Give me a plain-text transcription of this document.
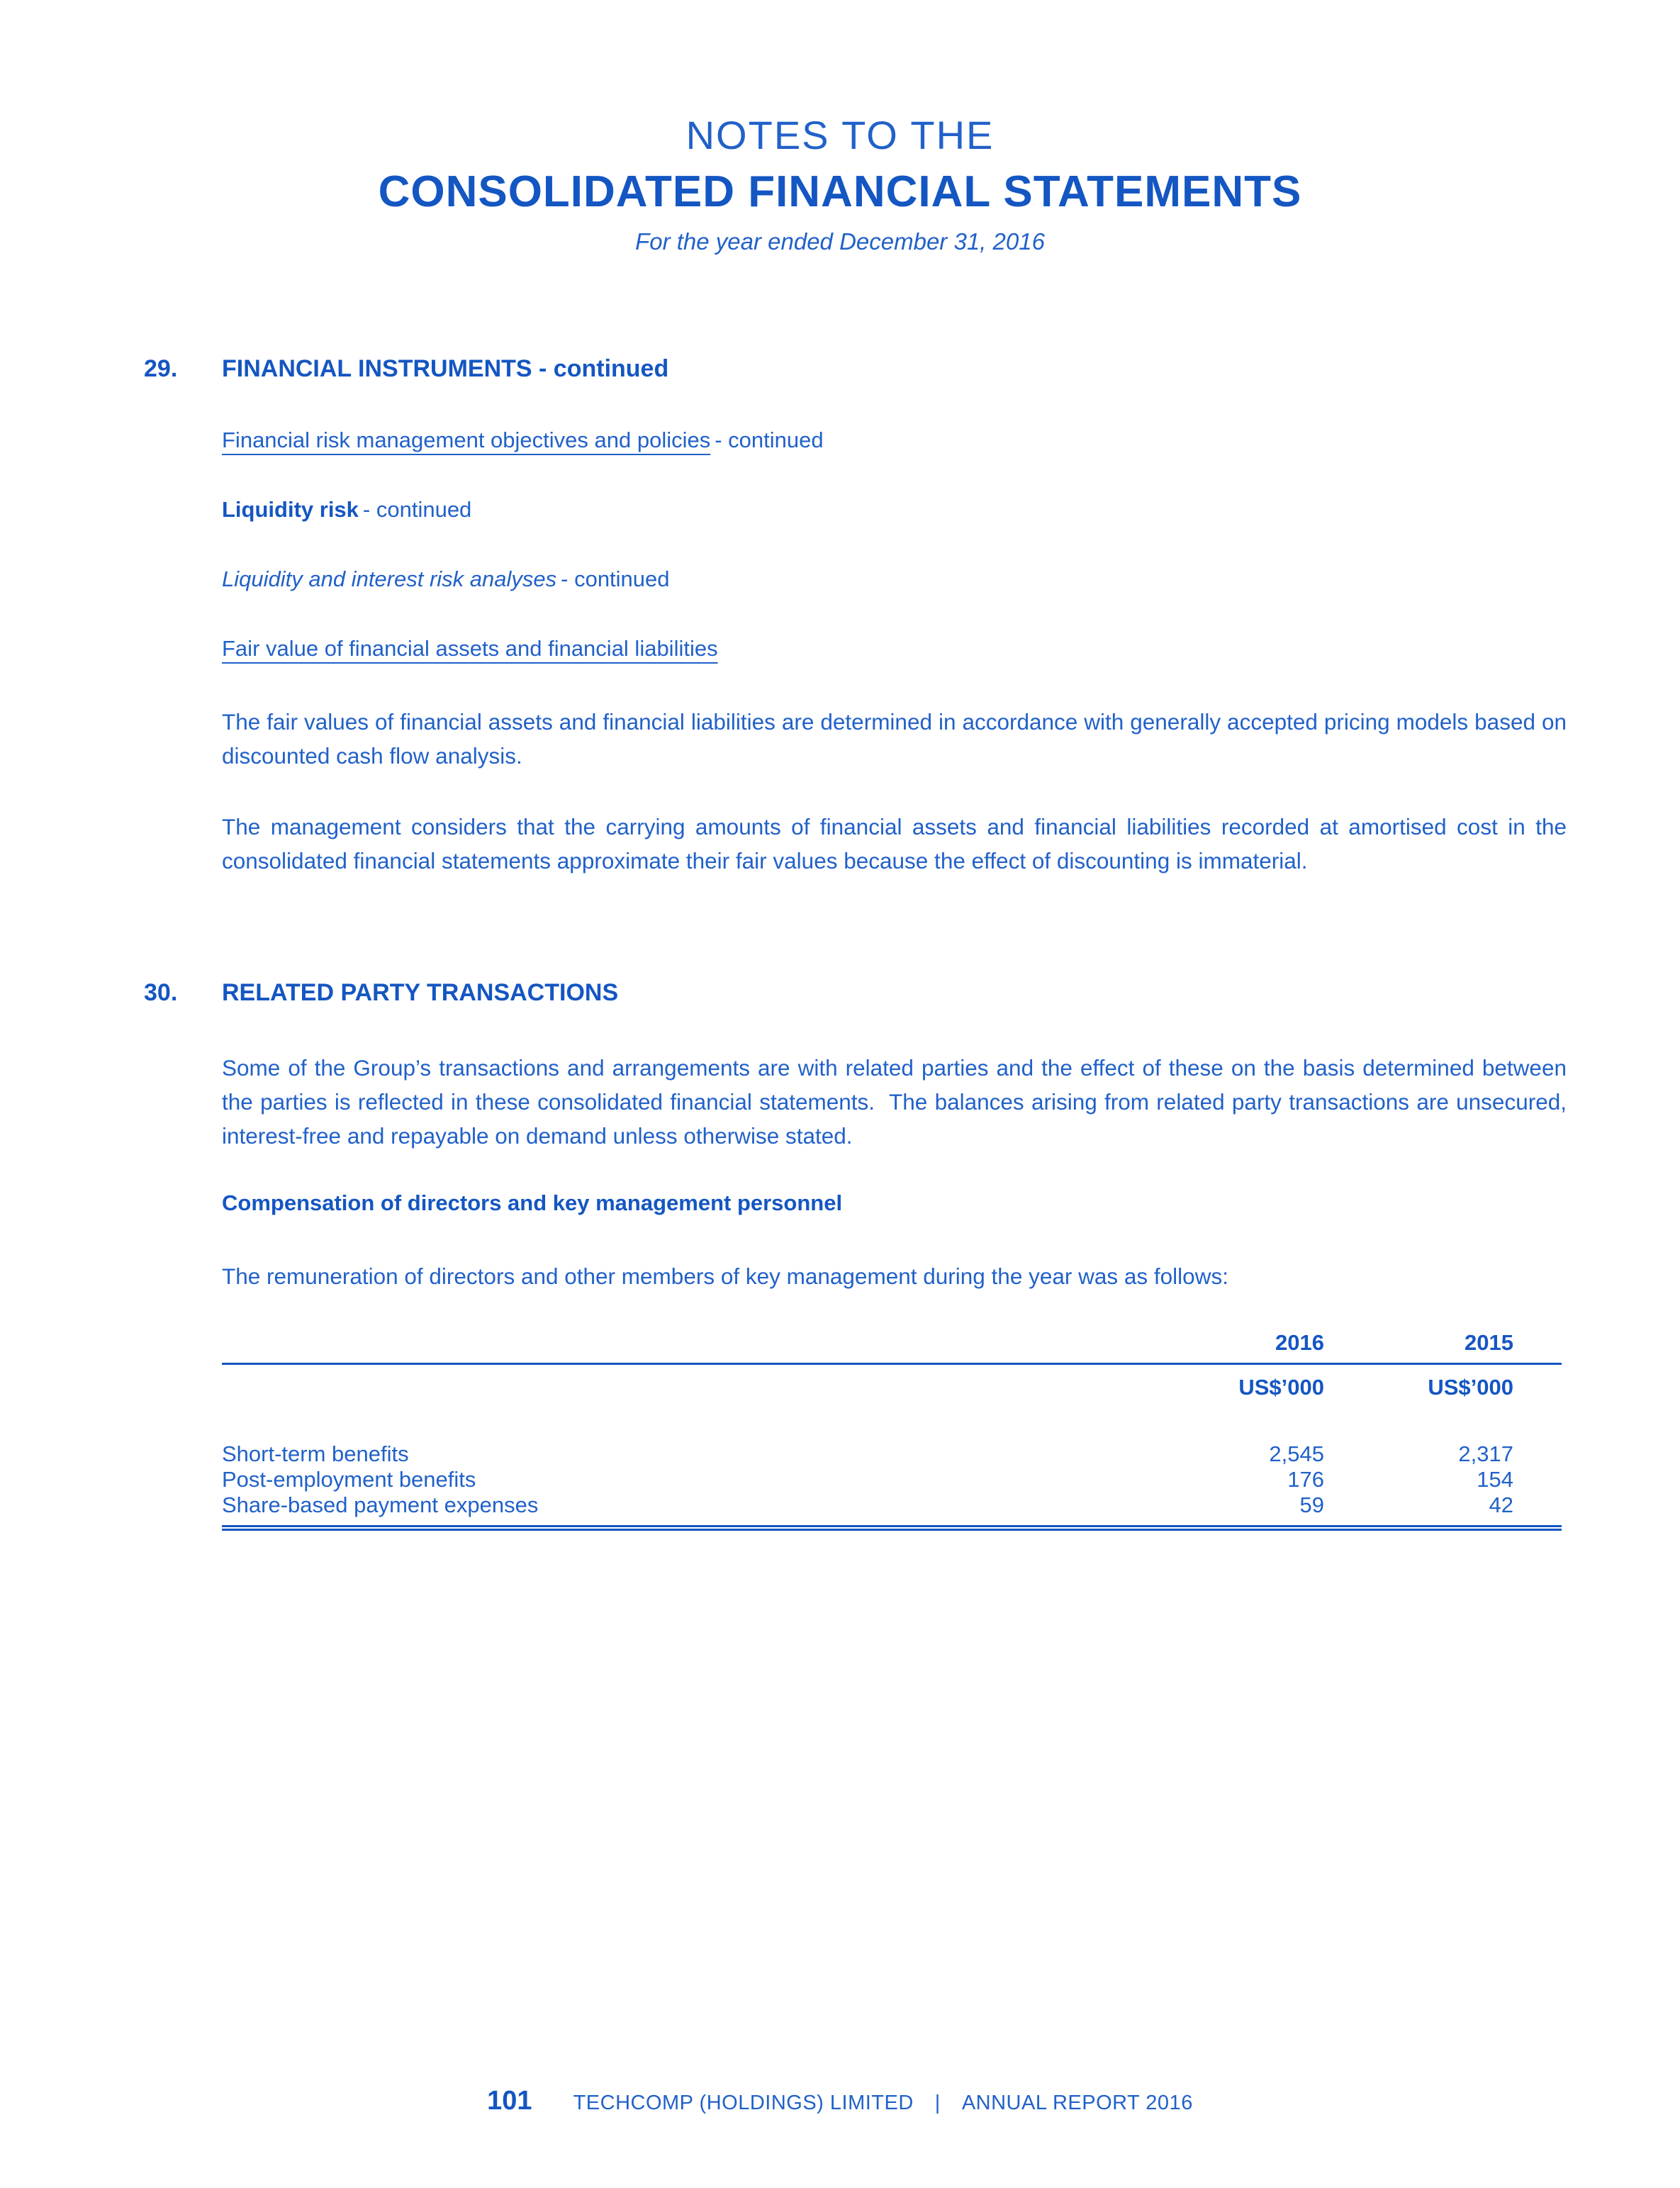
NOTES TO THE
CONSOLIDATED FINANCIAL STATEMENTS
For the year ended December 31, 2016
29.	FINANCIAL INSTRUMENTS - continued

Financial risk management objectives and policies - continued

Liquidity risk - continued

Liquidity and interest risk analyses - continued

Fair value of financial assets and financial liabilities

The fair values of financial assets and financial liabilities are determined in accordance with generally accepted pricing models based on discounted cash flow analysis.

The management considers that the carrying amounts of financial assets and financial liabilities recorded at amortised cost in the consolidated financial statements approximate their fair values because the effect of discounting is immaterial.

30.	RELATED PARTY TRANSACTIONS

Some of the Group’s transactions and arrangements are with related parties and the effect of these on the basis determined between the parties is reflected in these consolidated financial statements.  The balances arising from related party transactions are unsecured, interest-free and repayable on demand unless otherwise stated.

Compensation of directors and key management personnel

The remuneration of directors and other members of key management during the year was as follows:

	2016	2015
	US$’000	US$’000
Short-term benefits	2,545	2,317
Post-employment benefits	176	154
Share-based payment expenses	59	42
101 TECHCOMP (HOLDINGS) LIMITED | ANNUAL REPORT 2016
